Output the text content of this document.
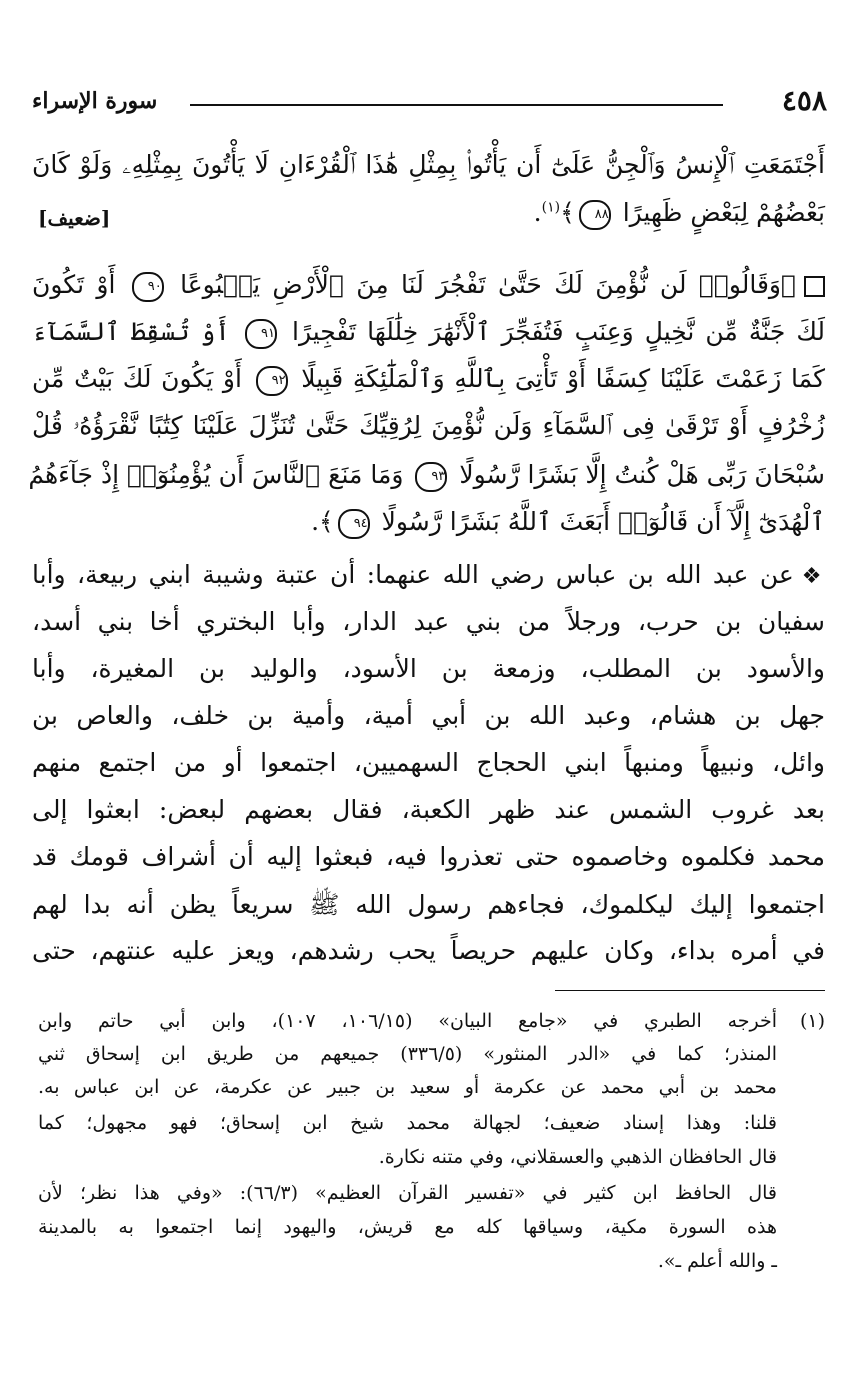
سورة الإسراء	٤٥٨
أَجْتَمَعَتِ ٱلْإِنسُ وَٱلْجِنُّ عَلَىٰٓ أَن يَأْتُوا۟ بِمِثْلِ هَٰذَا ٱلْقُرْءَانِ لَا يَأْتُونَ بِمِثْلِهِۦ وَلَوْ كَانَ
بَعْضُهُمْ لِبَعْضٍ ظَهِيرًا ٨٨﴾$^{(١)}$.
[ضعيف]
﴿وَقَالُوا۟ لَن نُّؤْمِنَ لَكَ حَتَّىٰ تَفْجُرَ لَنَا مِنَ ٱلْأَرْضِ يَنۢبُوعًا ٩٠ أَوْ تَكُونَ
لَكَ جَنَّةٌ مِّن نَّخِيلٍ وَعِنَبٍ فَتُفَجِّرَ ٱلْأَنْهَٰرَ خِلَٰلَهَا تَفْجِيرًا ٩١ أَوْ تُسْقِطَ ٱلسَّمَآءَ
كَمَا زَعَمْتَ عَلَيْنَا كِسَفًا أَوْ تَأْتِىَ بِٱللَّهِ وَٱلْمَلَٰٓئِكَةِ قَبِيلًا ٩٢ أَوْ يَكُونَ لَكَ بَيْتٌ مِّن
زُخْرُفٍ أَوْ تَرْقَىٰ فِى ٱلسَّمَآءِ وَلَن نُّؤْمِنَ لِرُقِيِّكَ حَتَّىٰ تُنَزِّلَ عَلَيْنَا كِتَٰبًا نَّقْرَؤُهُۥ قُلْ
سُبْحَانَ رَبِّى هَلْ كُنتُ إِلَّا بَشَرًا رَّسُولًا ٩٣ وَمَا مَنَعَ ٱلنَّاسَ أَن يُؤْمِنُوٓا۟ إِذْ جَآءَهُمُ
ٱلْهُدَىٰٓ إِلَّآ أَن قَالُوٓا۟ أَبَعَثَ ٱللَّهُ بَشَرًا رَّسُولًا ٩٤﴾.
❖عن عبد الله بن عباس رضي الله عنهما: أن عتبة وشيبة ابني ربيعة، وأبا
سفيان بن حرب، ورجلاً من بني عبد الدار، وأبا البختري أخا بني أسد،
والأسود بن المطلب، وزمعة بن الأسود، والوليد بن المغيرة، وأبا
جهل بن هشام، وعبد الله بن أبي أمية، وأمية بن خلف، والعاص بن
وائل، ونبيهاً ومنبهاً ابني الحجاج السهميين، اجتمعوا أو من اجتمع منهم
بعد غروب الشمس عند ظهر الكعبة، فقال بعضهم لبعض: ابعثوا إلى
محمد فكلموه وخاصموه حتى تعذروا فيه، فبعثوا إليه أن أشراف قومك قد
اجتمعوا إليك ليكلموك، فجاءهم رسول الله ﷺ سريعاً يظن أنه بدا لهم
في أمره بداء، وكان عليهم حريصاً يحب رشدهم، ويعز عليه عنتهم، حتى
(١)
أخرجه الطبري في «جامع البيان» (١٠٦/١٥، ١٠٧)، وابن أبي حاتم وابن
المنذر؛ كما في «الدر المنثور» (٣٣٦/٥) جميعهم من طريق ابن إسحاق ثني
محمد بن أبي محمد عن عكرمة أو سعيد بن جبير عن عكرمة، عن ابن عباس به.
قلنا: وهذا إسناد ضعيف؛ لجهالة محمد شيخ ابن إسحاق؛ فهو مجهول؛ كما
قال الحافظان الذهبي والعسقلاني، وفي متنه نكارة.
قال الحافظ ابن كثير في «تفسير القرآن العظيم» (٦٦/٣): «وفي هذا نظر؛ لأن
هذه السورة مكية، وسياقها كله مع قريش، واليهود إنما اجتمعوا به بالمدينة
ـ والله أعلم ـ».
